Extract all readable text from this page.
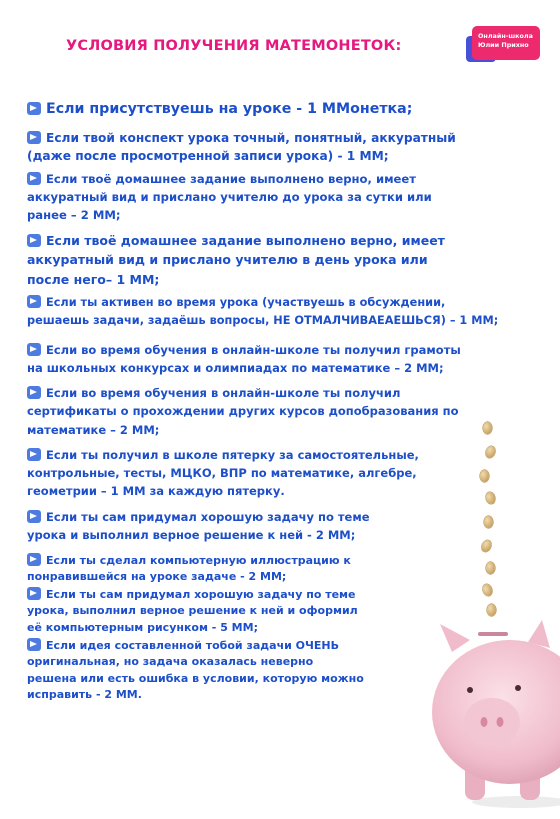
УСЛОВИЯ ПОЛУЧЕНИЯ МАТЕМОНЕТОК:
Онлайн-школа
Юлии Прихно

Если присутствуешь на уроке - 1 ММонетка;

Если твой конспект урока точный, понятный, аккуратный
(даже после просмотренной записи урока) - 1 ММ;

Если твоё домашнее задание выполнено верно, имеет
аккуратный вид и прислано учителю до урока за сутки или
ранее – 2 ММ;

Если твоё домашнее задание выполнено верно, имеет
аккуратный вид и прислано учителю в день урока или
после него– 1 ММ;

Если ты активен во время урока (участвуешь в обсуждении,
решаешь задачи, задаёшь вопросы, НЕ ОТМАЛЧИВАЕАЕШЬСЯ) – 1 ММ;

Если во время обучения в онлайн-школе ты получил грамоты
на школьных конкурсах и олимпиадах по математике – 2 ММ;

Если во время обучения в онлайн-школе ты получил
сертификаты о прохождении других курсов допобразования по
математике – 2 ММ;

Если ты получил в школе пятерку за самостоятельные,
контрольные, тесты, МЦКО, ВПР по математике, алгебре,
геометрии – 1 ММ за каждую пятерку.

Если ты сам придумал хорошую задачу по теме
урока и выполнил верное решение к ней - 2 ММ;

Если ты сделал компьютерную иллюстрацию к
понравившейся на уроке задаче - 2 ММ;

Если ты сам придумал хорошую задачу по теме
урока, выполнил верное решение к ней и оформил
её компьютерным рисунком - 5 ММ;

Если идея составленной тобой задачи ОЧЕНЬ
оригинальная, но задача оказалась неверно
решена или есть ошибка в условии, которую можно
исправить - 2 ММ.
